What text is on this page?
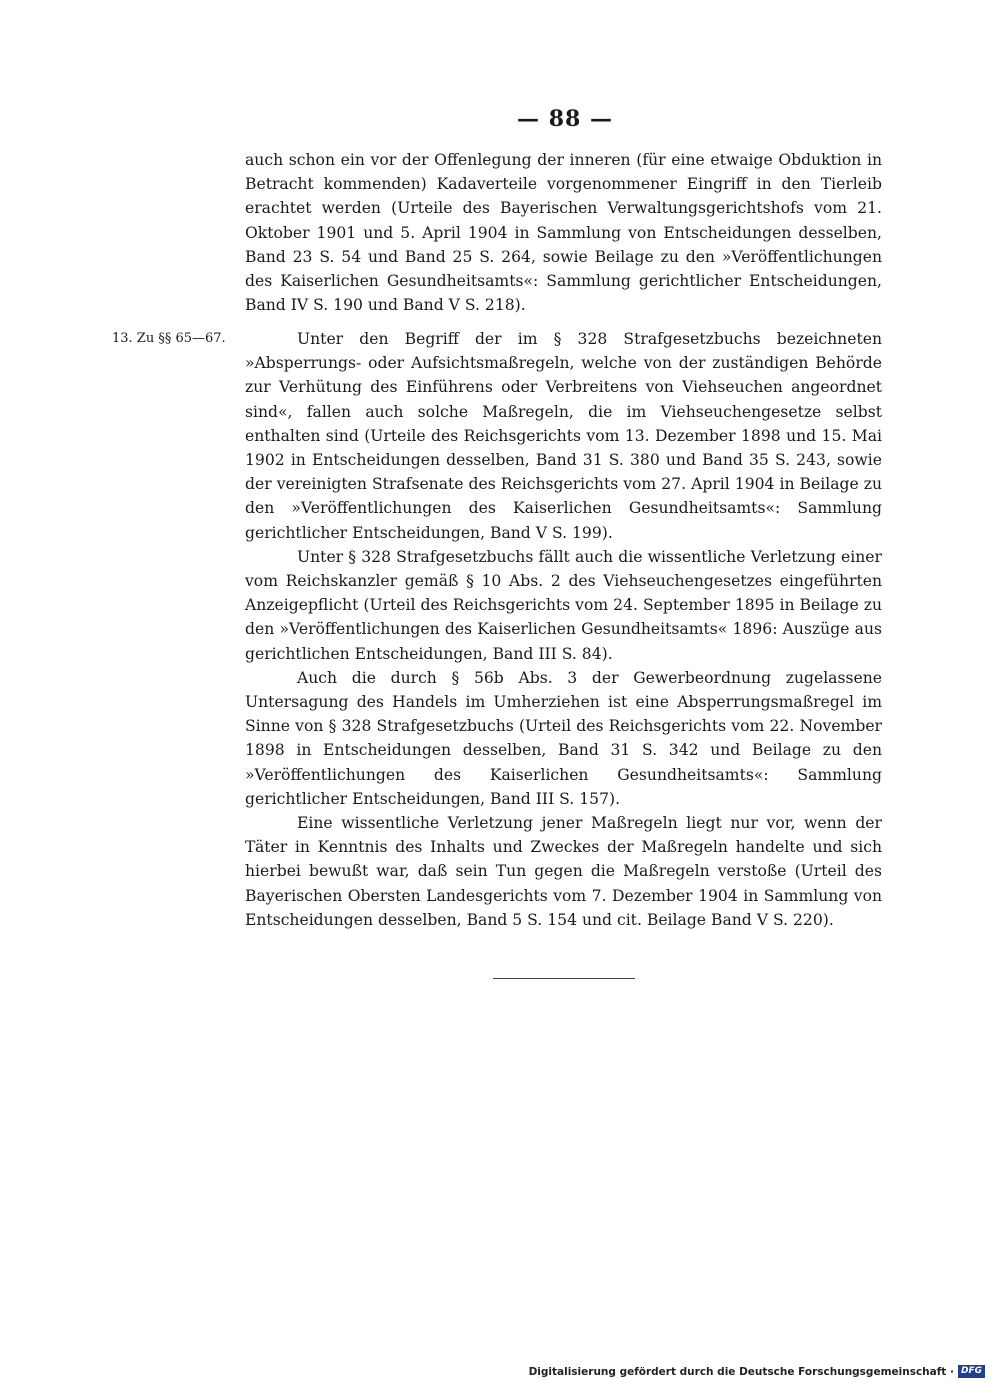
— 88 —

auch schon ein vor der Offenlegung der inneren (für eine etwaige Obduktion in Betracht kommenden) Kadaverteile vorgenommener Eingriff in den Tierleib erachtet werden (Urteile des Bayerischen Verwaltungsgerichtshofs vom 21. Oktober 1901 und 5. April 1904 in Sammlung von Entscheidungen desselben, Band 23 S. 54 und Band 25 S. 264, sowie Beilage zu den »Veröffentlichungen des Kaiserlichen Gesundheitsamts«: Sammlung gerichtlicher Entscheidungen, Band IV S. 190 und Band V S. 218).

13. Zu §§ 65—67.	Unter den Begriff der im § 328 Strafgesetzbuchs bezeichneten »Absperrungs- oder Aufsichtsmaßregeln, welche von der zuständigen Behörde zur Verhütung des Einführens oder Verbreitens von Viehseuchen angeordnet sind«, fallen auch solche Maßregeln, die im Viehseuchengesetze selbst enthalten sind (Urteile des Reichsgerichts vom 13. Dezember 1898 und 15. Mai 1902 in Entscheidungen desselben, Band 31 S. 380 und Band 35 S. 243, sowie der vereinigten Strafsenate des Reichsgerichts vom 27. April 1904 in Beilage zu den »Veröffentlichungen des Kaiserlichen Gesundheitsamts«: Sammlung gerichtlicher Entscheidungen, Band V S. 199).

Unter § 328 Strafgesetzbuchs fällt auch die wissentliche Verletzung einer vom Reichskanzler gemäß § 10 Abs. 2 des Viehseuchengesetzes eingeführten Anzeigepflicht (Urteil des Reichsgerichts vom 24. September 1895 in Beilage zu den »Veröffentlichungen des Kaiserlichen Gesundheitsamts« 1896: Auszüge aus gerichtlichen Entscheidungen, Band III S. 84).

Auch die durch § 56b Abs. 3 der Gewerbeordnung zugelassene Untersagung des Handels im Umherziehen ist eine Absperrungsmaßregel im Sinne von § 328 Strafgesetzbuchs (Urteil des Reichsgerichts vom 22. November 1898 in Entscheidungen desselben, Band 31 S. 342 und Beilage zu den »Veröffentlichungen des Kaiserlichen Gesundheitsamts«: Sammlung gerichtlicher Entscheidungen, Band III S. 157).

Eine wissentliche Verletzung jener Maßregeln liegt nur vor, wenn der Täter in Kenntnis des Inhalts und Zweckes der Maßregeln handelte und sich hierbei bewußt war, daß sein Tun gegen die Maßregeln verstoße (Urteil des Bayerischen Obersten Landesgerichts vom 7. Dezember 1904 in Sammlung von Entscheidungen desselben, Band 5 S. 154 und cit. Beilage Band V S. 220).

Digitalisierung gefördert durch die Deutsche Forschungsgemeinschaft · DFG
